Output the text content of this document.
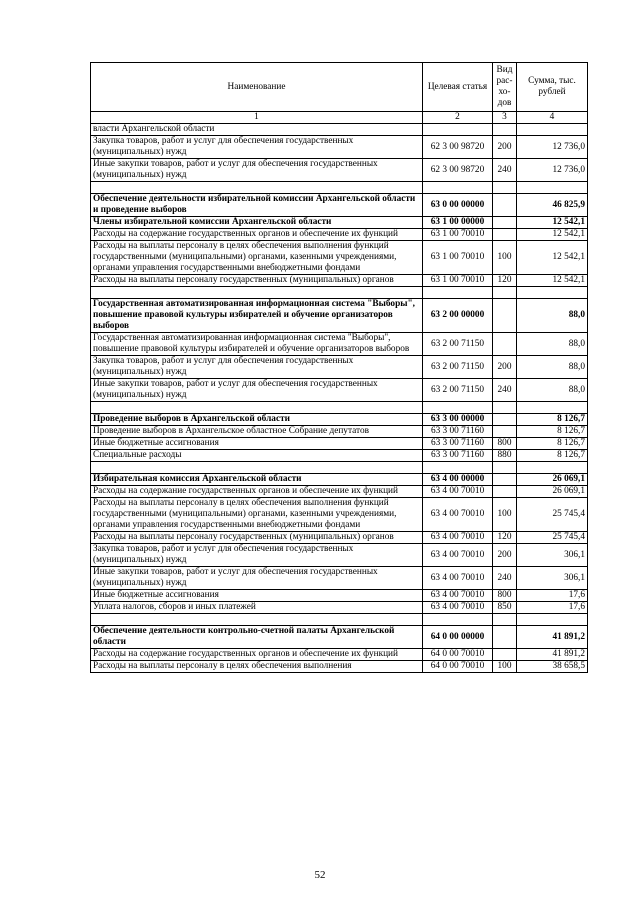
Наименование	Целевая статья	Вид рас- хо- дов	Сумма, тыс. рублей
1	2	3	4
власти Архангельской области			
Закупка товаров, работ и услуг для обеспечения государственных (муниципальных) нужд	62 3 00 98720	200	12 736,0
Иные закупки товаров, работ и услуг для обеспечения государственных (муниципальных) нужд	62 3 00 98720	240	12 736,0

Обеспечение деятельности избирательной комиссии Архангельской области и проведение выборов	63 0 00 00000		46 825,9
Члены избирательной комиссии Архангельской области	63 1 00 00000		12 542,1
Расходы на содержание государственных органов и обеспечение их функций	63 1 00 70010		12 542,1
Расходы на выплаты персоналу в целях обеспечения выполнения функций государственными (муниципальными) органами, казенными учреждениями, органами управления государственными внебюджетными фондами	63 1 00 70010	100	12 542,1
Расходы на выплаты персоналу государственных (муниципальных) органов	63 1 00 70010	120	12 542,1

Государственная автоматизированная информационная система "Выборы", повышение правовой культуры избирателей и обучение организаторов выборов	63 2 00 00000		88,0
Государственная автоматизированная информационная система "Выборы", повышение правовой культуры избирателей и обучение организаторов выборов	63 2 00 71150		88,0
Закупка товаров, работ и услуг для обеспечения государственных (муниципальных) нужд	63 2 00 71150	200	88,0
Иные закупки товаров, работ и услуг для обеспечения государственных (муниципальных) нужд	63 2 00 71150	240	88,0

Проведение выборов в Архангельской области	63 3 00 00000		8 126,7
Проведение выборов в Архангельское областное Собрание депутатов	63 3 00 71160		8 126,7
Иные бюджетные ассигнования	63 3 00 71160	800	8 126,7
Специальные расходы	63 3 00 71160	880	8 126,7

Избирательная комиссия Архангельской области	63 4 00 00000		26 069,1
Расходы на содержание государственных органов и обеспечение их функций	63 4 00 70010		26 069,1
Расходы на выплаты персоналу в целях обеспечения выполнения функций государственными (муниципальными) органами, казенными учреждениями, органами управления государственными внебюджетными фондами	63 4 00 70010	100	25 745,4
Расходы на выплаты персоналу государственных (муниципальных) органов	63 4 00 70010	120	25 745,4
Закупка товаров, работ и услуг для обеспечения государственных (муниципальных) нужд	63 4 00 70010	200	306,1
Иные закупки товаров, работ и услуг для обеспечения государственных (муниципальных) нужд	63 4 00 70010	240	306,1
Иные бюджетные ассигнования	63 4 00 70010	800	17,6
Уплата налогов, сборов и иных платежей	63 4 00 70010	850	17,6

Обеспечение деятельности контрольно-счетной палаты Архангельской области	64 0 00 00000		41 891,2
Расходы на содержание государственных органов и обеспечение их функций	64 0 00 70010		41 891,2
Расходы на выплаты персоналу в целях обеспечения выполнения	64 0 00 70010	100	38 658,5
52
